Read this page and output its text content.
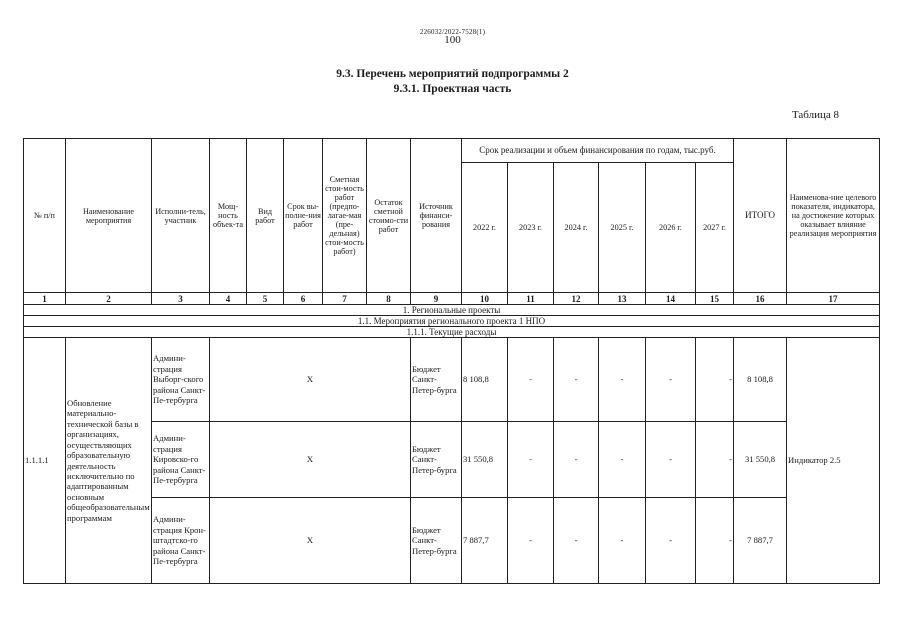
226032/2022-7528(1)
100
9.3. Перечень мероприятий подпрограммы 2
9.3.1. Проектная часть
Таблица 8
№ п/п	Наименование мероприятия	Исполни-тель, участник	Мощ-ность объек-та	Вид работ	Срок вы-полне-ния работ	Сметная стои-мость работ (предпо-лагае-мая (пре-дельная) стои-мость работ)	Остаток сметной стоимо-сти работ	Источник финанси-рования	Срок реализации и объем финансирования по годам, тыс.руб.						ИТОГО	Наименова-ние целевого показателя, индикатора, на достижение которых оказывает влияние реализация мероприятия
									2022 г.	2023 г.	2024 г.	2025 г.	2026 г.	2027 г.		
1	2	3	4	5	6	7	8	9	10	11	12	13	14	15	16	17
1. Региональные проекты																
1.1. Мероприятия регионального проекта 1 НПО																
1.1.1. Текущие расходы																
1.1.1.1	Обновление материально-технической базы в организациях, осуществляющих образовательную деятельность исключительно по адаптированным основным общеобразовательным программам	Админи-страция Выборг-ского района Санкт-Пе-тербурга	Х					Бюджет Санкт-Петер-бурга	8 108,8	-	-	-	-	-	8 108,8	Индикатор 2.5
		Админи-страция Кировско-го района Санкт-Пе-тербурга	Х					Бюджет Санкт-Петер-бурга	31 550,8	-	-	-	-	-	31 550,8	
		Админи-страция Крон-штадтско-го района Санкт-Пе-тербурга	Х					Бюджет Санкт-Петер-бурга	7 887,7	-	-	-	-	-	7 887,7	
